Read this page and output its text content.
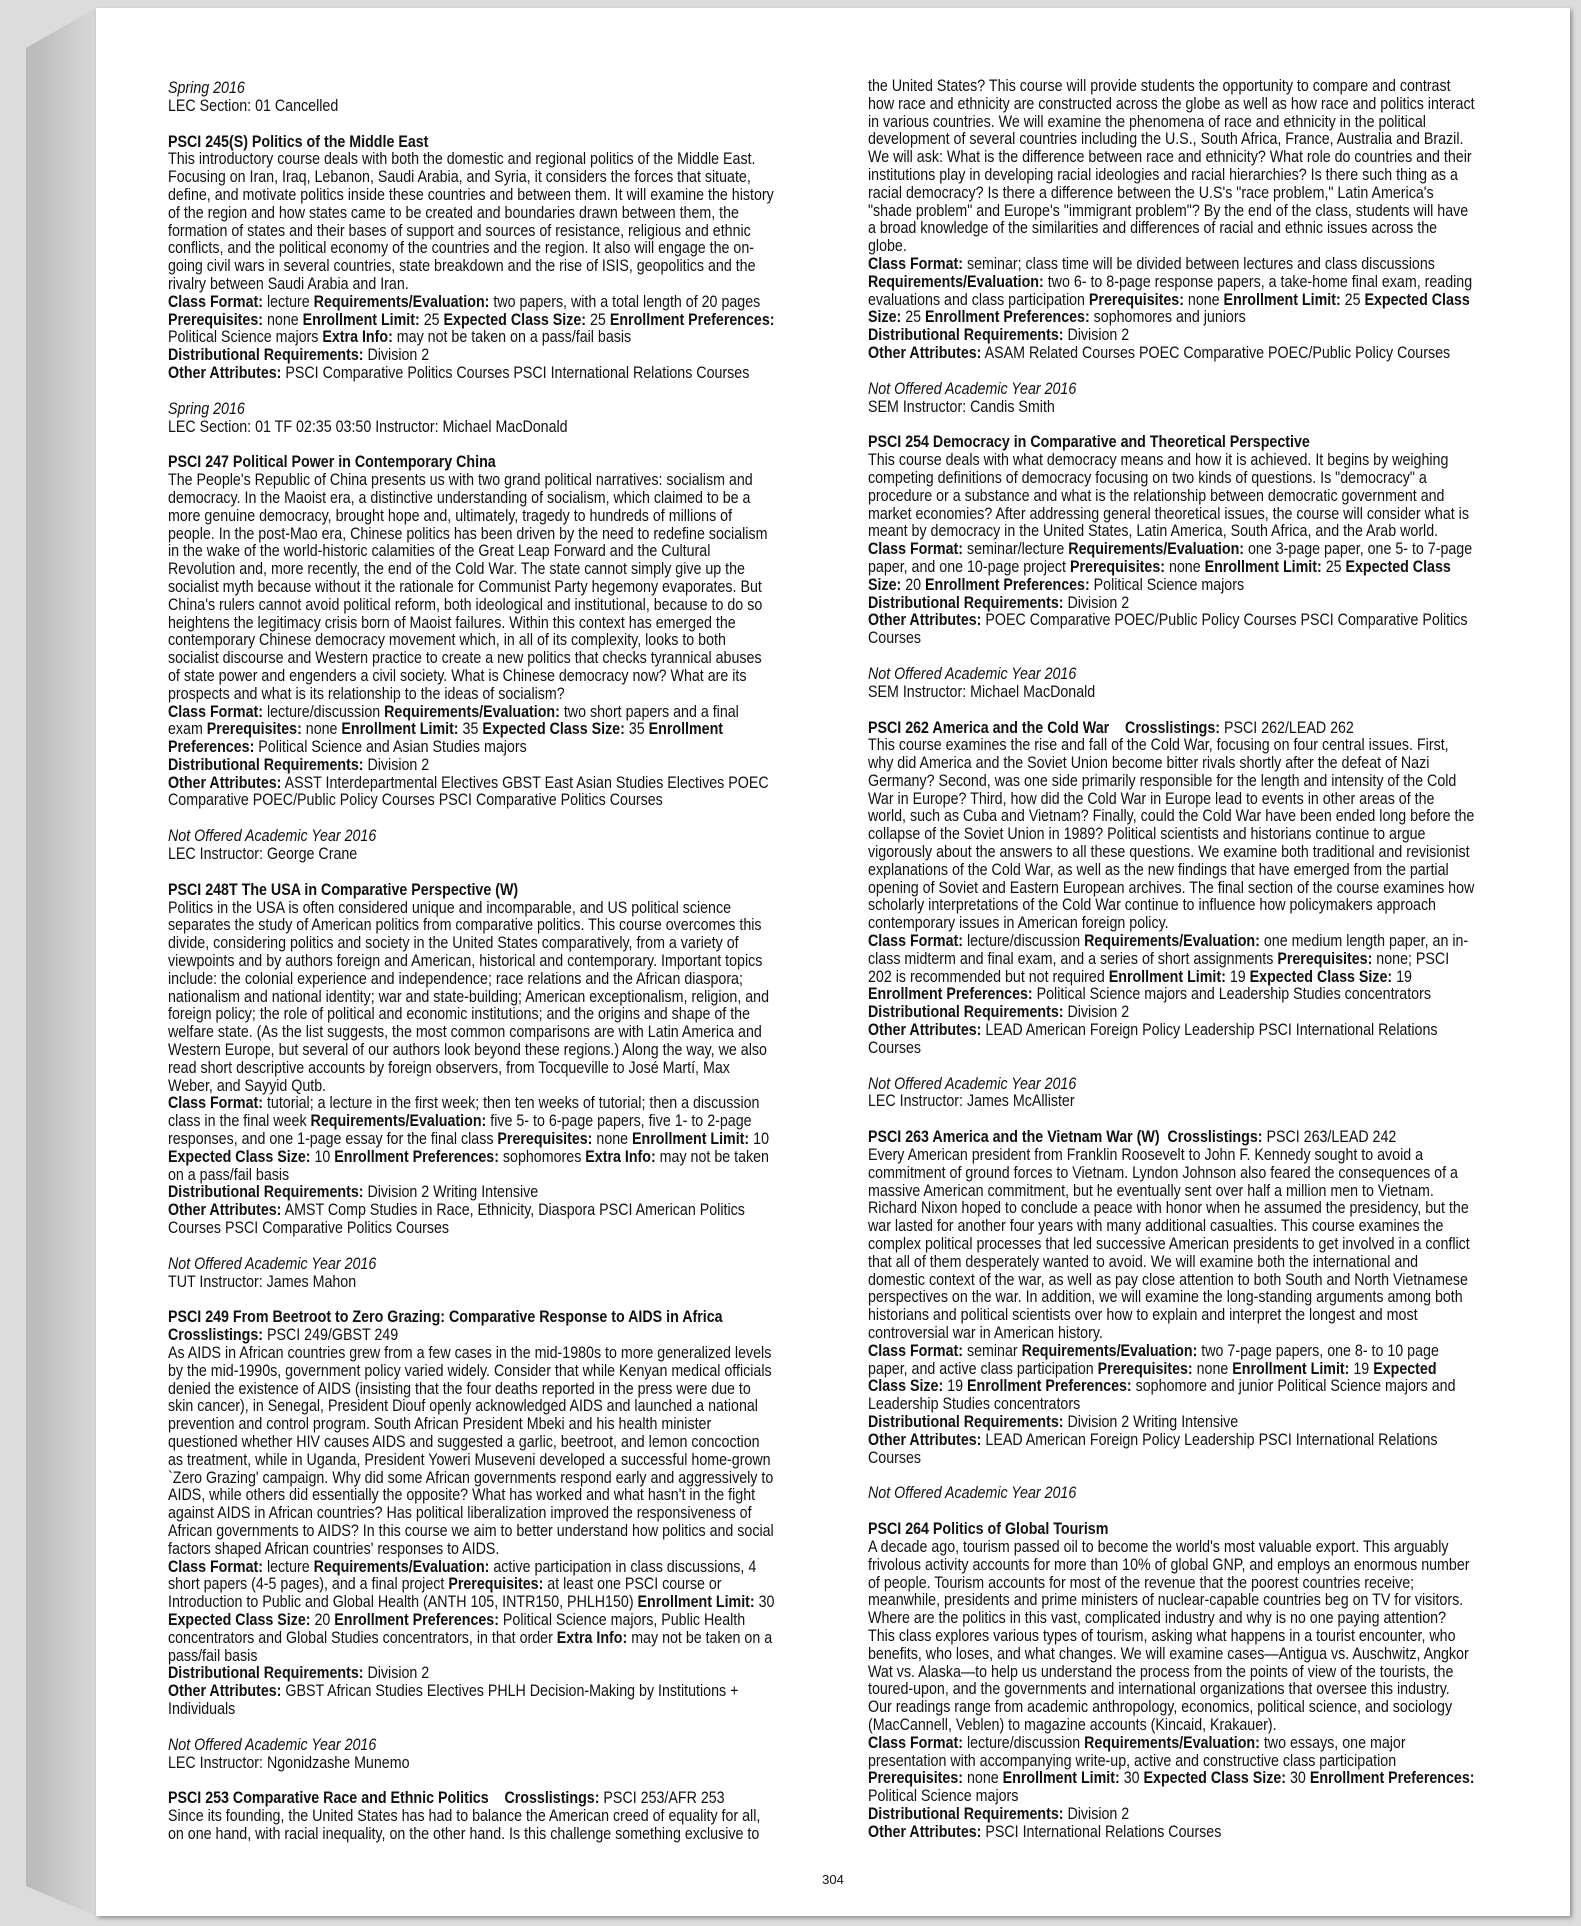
Spring 2016
LEC Section: 01 Cancelled
PSCI 245(S) Politics of the Middle East

This introductory course deals with both the domestic and regional politics of the Middle East. Focusing on Iran, Iraq, Lebanon, Saudi Arabia, and Syria, it considers the forces that situate, define, and motivate politics inside these countries and between them. It will examine the history of the region and how states came to be created and boundaries drawn between them, the formation of states and their bases of support and sources of resistance, religious and ethnic conflicts, and the political economy of the countries and the region. It also will engage the on-going civil wars in several countries, state breakdown and the rise of ISIS, geopolitics and the rivalry between Saudi Arabia and Iran.

Class Format: lecture Requirements/Evaluation: two papers, with a total length of 20 pages Prerequisites: none Enrollment Limit: 25 Expected Class Size: 25 Enrollment Preferences: Political Science majors Extra Info: may not be taken on a pass/fail basis
Distributional Requirements: Division 2
Other Attributes: PSCI Comparative Politics Courses PSCI International Relations Courses
Spring 2016
LEC Section: 01 TF 02:35 03:50 Instructor: Michael MacDonald
PSCI 247 Political Power in Contemporary China

The People's Republic of China presents us with two grand political narratives: socialism and democracy. In the Maoist era, a distinctive understanding of socialism, which claimed to be a more genuine democracy, brought hope and, ultimately, tragedy to hundreds of millions of people. In the post-Mao era, Chinese politics has been driven by the need to redefine socialism in the wake of the world-historic calamities of the Great Leap Forward and the Cultural Revolution and, more recently, the end of the Cold War. The state cannot simply give up the socialist myth because without it the rationale for Communist Party hegemony evaporates. But China's rulers cannot avoid political reform, both ideological and institutional, because to do so heightens the legitimacy crisis born of Maoist failures. Within this context has emerged the contemporary Chinese democracy movement which, in all of its complexity, looks to both socialist discourse and Western practice to create a new politics that checks tyrannical abuses of state power and engenders a civil society. What is Chinese democracy now? What are its prospects and what is its relationship to the ideas of socialism?

Class Format: lecture/discussion Requirements/Evaluation: two short papers and a final exam Prerequisites: none Enrollment Limit: 35 Expected Class Size: 35 Enrollment Preferences: Political Science and Asian Studies majors
Distributional Requirements: Division 2
Other Attributes: ASST Interdepartmental Electives GBST East Asian Studies Electives POEC Comparative POEC/Public Policy Courses PSCI Comparative Politics Courses
Not Offered Academic Year 2016
LEC Instructor: George Crane
PSCI 248T The USA in Comparative Perspective (W)

Politics in the USA is often considered unique and incomparable, and US political science separates the study of American politics from comparative politics. This course overcomes this divide, considering politics and society in the United States comparatively, from a variety of viewpoints and by authors foreign and American, historical and contemporary. Important topics include: the colonial experience and independence; race relations and the African diaspora; nationalism and national identity; war and state-building; American exceptionalism, religion, and foreign policy; the role of political and economic institutions; and the origins and shape of the welfare state. (As the list suggests, the most common comparisons are with Latin America and Western Europe, but several of our authors look beyond these regions.) Along the way, we also read short descriptive accounts by foreign observers, from Tocqueville to José Martí, Max Weber, and Sayyid Qutb.

Class Format: tutorial; a lecture in the first week; then ten weeks of tutorial; then a discussion class in the final week Requirements/Evaluation: five 5- to 6-page papers, five 1- to 2-page responses, and one 1-page essay for the final class Prerequisites: none Enrollment Limit: 10 Expected Class Size: 10 Enrollment Preferences: sophomores Extra Info: may not be taken on a pass/fail basis
Distributional Requirements: Division 2 Writing Intensive
Other Attributes: AMST Comp Studies in Race, Ethnicity, Diaspora PSCI American Politics Courses PSCI Comparative Politics Courses
Not Offered Academic Year 2016
TUT Instructor: James Mahon
PSCI 249 From Beetroot to Zero Grazing: Comparative Response to AIDS in Africa
Crosslistings: PSCI 249/GBST 249

As AIDS in African countries grew from a few cases in the mid-1980s to more generalized levels by the mid-1990s, government policy varied widely. Consider that while Kenyan medical officials denied the existence of AIDS (insisting that the four deaths reported in the press were due to skin cancer), in Senegal, President Diouf openly acknowledged AIDS and launched a national prevention and control program. South African President Mbeki and his health minister questioned whether HIV causes AIDS and suggested a garlic, beetroot, and lemon concoction as treatment, while in Uganda, President Yoweri Museveni developed a successful home-grown `Zero Grazing' campaign. Why did some African governments respond early and aggressively to AIDS, while others did essentially the opposite? What has worked and what hasn't in the fight against AIDS in African countries? Has political liberalization improved the responsiveness of African governments to AIDS? In this course we aim to better understand how politics and social factors shaped African countries' responses to AIDS.

Class Format: lecture Requirements/Evaluation: active participation in class discussions, 4 short papers (4-5 pages), and a final project Prerequisites: at least one PSCI course or Introduction to Public and Global Health (ANTH 105, INTR150, PHLH150) Enrollment Limit: 30 Expected Class Size: 20 Enrollment Preferences: Political Science majors, Public Health concentrators and Global Studies concentrators, in that order Extra Info: may not be taken on a pass/fail basis
Distributional Requirements: Division 2
Other Attributes: GBST African Studies Electives PHLH Decision-Making by Institutions + Individuals
Not Offered Academic Year 2016
LEC Instructor: Ngonidzashe Munemo
PSCI 253 Comparative Race and Ethnic Politics Crosslistings: PSCI 253/AFR 253

Since its founding, the United States has had to balance the American creed of equality for all, on one hand, with racial inequality, on the other hand. Is this challenge something exclusive to

the United States? This course will provide students the opportunity to compare and contrast how race and ethnicity are constructed across the globe as well as how race and politics interact in various countries. We will examine the phenomena of race and ethnicity in the political development of several countries including the U.S., South Africa, France, Australia and Brazil. We will ask: What is the difference between race and ethnicity? What role do countries and their institutions play in developing racial ideologies and racial hierarchies? Is there such thing as a racial democracy? Is there a difference between the U.S's "race problem," Latin America's "shade problem" and Europe's "immigrant problem"? By the end of the class, students will have a broad knowledge of the similarities and differences of racial and ethnic issues across the globe.

Class Format: seminar; class time will be divided between lectures and class discussions
Requirements/Evaluation: two 6- to 8-page response papers, a take-home final exam, reading evaluations and class participation Prerequisites: none Enrollment Limit: 25 Expected Class Size: 25 Enrollment Preferences: sophomores and juniors
Distributional Requirements: Division 2
Other Attributes: ASAM Related Courses POEC Comparative POEC/Public Policy Courses
Not Offered Academic Year 2016
SEM Instructor: Candis Smith
PSCI 254 Democracy in Comparative and Theoretical Perspective

This course deals with what democracy means and how it is achieved. It begins by weighing competing definitions of democracy focusing on two kinds of questions. Is "democracy" a procedure or a substance and what is the relationship between democratic government and market economies? After addressing general theoretical issues, the course will consider what is meant by democracy in the United States, Latin America, South Africa, and the Arab world.

Class Format: seminar/lecture Requirements/Evaluation: one 3-page paper, one 5- to 7-page paper, and one 10-page project Prerequisites: none Enrollment Limit: 25 Expected Class Size: 20 Enrollment Preferences: Political Science majors
Distributional Requirements: Division 2
Other Attributes: POEC Comparative POEC/Public Policy Courses PSCI Comparative Politics Courses
Not Offered Academic Year 2016
SEM Instructor: Michael MacDonald
PSCI 262 America and the Cold War Crosslistings: PSCI 262/LEAD 262

This course examines the rise and fall of the Cold War, focusing on four central issues. First, why did America and the Soviet Union become bitter rivals shortly after the defeat of Nazi Germany? Second, was one side primarily responsible for the length and intensity of the Cold War in Europe? Third, how did the Cold War in Europe lead to events in other areas of the world, such as Cuba and Vietnam? Finally, could the Cold War have been ended long before the collapse of the Soviet Union in 1989? Political scientists and historians continue to argue vigorously about the answers to all these questions. We examine both traditional and revisionist explanations of the Cold War, as well as the new findings that have emerged from the partial opening of Soviet and Eastern European archives. The final section of the course examines how scholarly interpretations of the Cold War continue to influence how policymakers approach contemporary issues in American foreign policy.

Class Format: lecture/discussion Requirements/Evaluation: one medium length paper, an in-class midterm and final exam, and a series of short assignments Prerequisites: none; PSCI 202 is recommended but not required Enrollment Limit: 19 Expected Class Size: 19 Enrollment Preferences: Political Science majors and Leadership Studies concentrators
Distributional Requirements: Division 2
Other Attributes: LEAD American Foreign Policy Leadership PSCI International Relations Courses
Not Offered Academic Year 2016
LEC Instructor: James McAllister
PSCI 263 America and the Vietnam War (W) Crosslistings: PSCI 263/LEAD 242

Every American president from Franklin Roosevelt to John F. Kennedy sought to avoid a commitment of ground forces to Vietnam. Lyndon Johnson also feared the consequences of a massive American commitment, but he eventually sent over half a million men to Vietnam. Richard Nixon hoped to conclude a peace with honor when he assumed the presidency, but the war lasted for another four years with many additional casualties. This course examines the complex political processes that led successive American presidents to get involved in a conflict that all of them desperately wanted to avoid. We will examine both the international and domestic context of the war, as well as pay close attention to both South and North Vietnamese perspectives on the war. In addition, we will examine the long-standing arguments among both historians and political scientists over how to explain and interpret the longest and most controversial war in American history.

Class Format: seminar Requirements/Evaluation: two 7-page papers, one 8- to 10 page paper, and active class participation Prerequisites: none Enrollment Limit: 19 Expected Class Size: 19 Enrollment Preferences: sophomore and junior Political Science majors and Leadership Studies concentrators
Distributional Requirements: Division 2 Writing Intensive
Other Attributes: LEAD American Foreign Policy Leadership PSCI International Relations Courses
Not Offered Academic Year 2016
PSCI 264 Politics of Global Tourism

A decade ago, tourism passed oil to become the world's most valuable export. This arguably frivolous activity accounts for more than 10% of global GNP, and employs an enormous number of people. Tourism accounts for most of the revenue that the poorest countries receive; meanwhile, presidents and prime ministers of nuclear-capable countries beg on TV for visitors. Where are the politics in this vast, complicated industry and why is no one paying attention? This class explores various types of tourism, asking what happens in a tourist encounter, who benefits, who loses, and what changes. We will examine cases—Antigua vs. Auschwitz, Angkor Wat vs. Alaska—to help us understand the process from the points of view of the tourists, the toured-upon, and the governments and international organizations that oversee this industry. Our readings range from academic anthropology, economics, political science, and sociology (MacCannell, Veblen) to magazine accounts (Kincaid, Krakauer).

Class Format: lecture/discussion Requirements/Evaluation: two essays, one major presentation with accompanying write-up, active and constructive class participation
Prerequisites: none Enrollment Limit: 30 Expected Class Size: 30 Enrollment Preferences: Political Science majors
Distributional Requirements: Division 2
Other Attributes: PSCI International Relations Courses
304
